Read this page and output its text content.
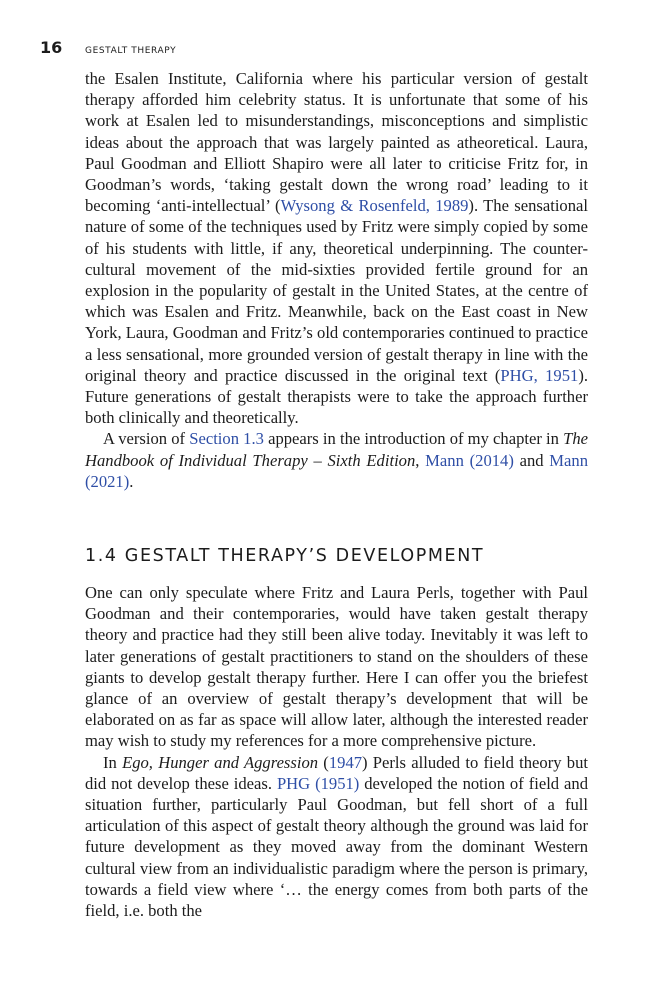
16	GESTALT THERAPY

the Esalen Institute, California where his particular version of gestalt therapy afforded him celebrity status. It is unfortunate that some of his work at Esalen led to misunderstandings, misconceptions and simplistic ideas about the approach that was largely painted as atheoretical. Laura, Paul Goodman and Elliott Shapiro were all later to criticise Fritz for, in Goodman’s words, ‘taking gestalt down the wrong road’ leading to it becoming ‘anti-intellectual’ (Wysong & Rosenfeld, 1989). The sensational nature of some of the techniques used by Fritz were simply copied by some of his students with little, if any, theoretical underpinning. The counter-cultural movement of the mid-sixties provided fertile ground for an explosion in the popularity of gestalt in the United States, at the centre of which was Esalen and Fritz. Meanwhile, back on the East coast in New York, Laura, Goodman and Fritz’s old contemporaries continued to practice a less sensational, more grounded version of gestalt therapy in line with the original theory and practice discussed in the original text (PHG, 1951). Future generations of gestalt therapists were to take the approach further both clinically and theoretically.

A version of Section 1.3 appears in the introduction of my chapter in The Handbook of Individual Therapy – Sixth Edition, Mann (2014) and Mann (2021).

1.4 GESTALT THERAPY’S DEVELOPMENT

One can only speculate where Fritz and Laura Perls, together with Paul Goodman and their contemporaries, would have taken gestalt therapy theory and practice had they still been alive today. Inevitably it was left to later generations of gestalt practitioners to stand on the shoulders of these giants to develop gestalt therapy further. Here I can offer you the briefest glance of an overview of gestalt therapy’s development that will be elaborated on as far as space will allow later, although the interested reader may wish to study my references for a more comprehensive picture.

In Ego, Hunger and Aggression (1947) Perls alluded to field theory but did not develop these ideas. PHG (1951) developed the notion of field and situation further, particularly Paul Goodman, but fell short of a full articulation of this aspect of gestalt theory although the ground was laid for future development as they moved away from the dominant Western cultural view from an individualistic paradigm where the person is primary, towards a field view where ‘… the energy comes from both parts of the field, i.e. both the
